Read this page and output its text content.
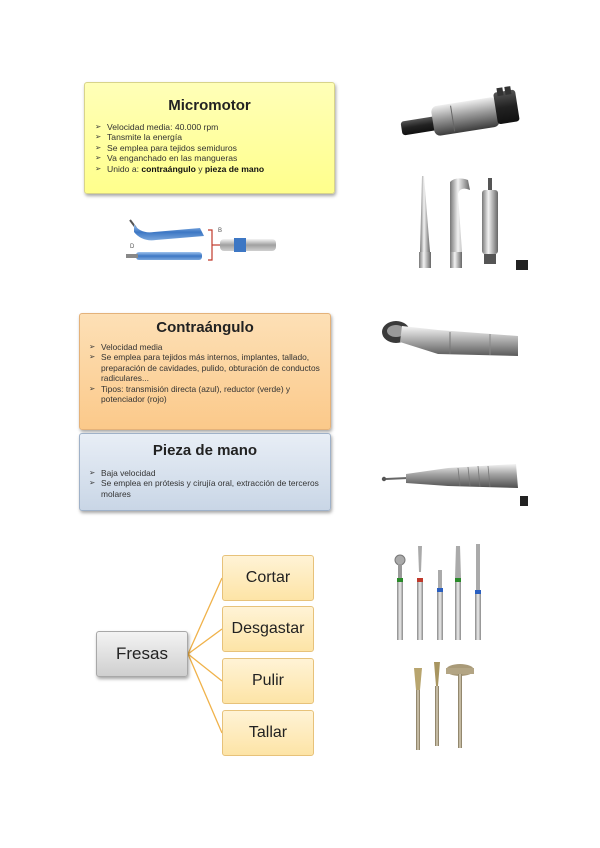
Micromotor
➢ Velocidad media: 40.000 rpm
➢ Tansmite la energía
➢ Se emplea para tejidos semiduros
➢ Va enganchado en las mangueras
➢ Unido a: contraángulo y pieza de mano
B
D
Contraángulo
➢ Velocidad media
➢ Se emplea para tejidos más internos, implantes, tallado, preparación de cavidades, pulido, obturación de conductos radiculares...
➢ Tipos: transmisión directa (azul), reductor (verde) y potenciador (rojo)
Pieza de mano
➢ Baja velocidad
➢ Se emplea en prótesis y cirujía oral, extracción de terceros molares
Fresas
Cortar
Desgastar
Pulir
Tallar
